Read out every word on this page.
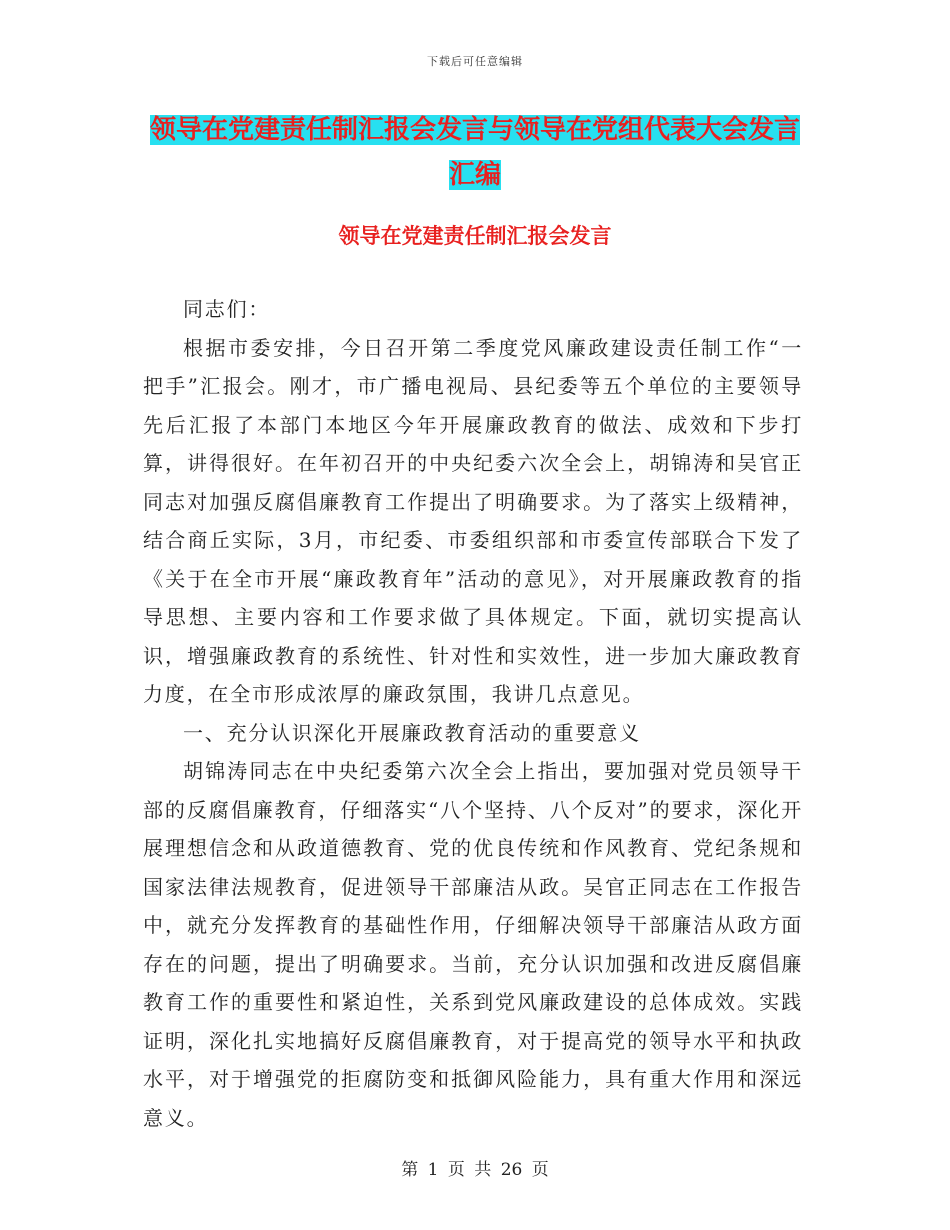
下载后可任意编辑
领导在党建责任制汇报会发言与领导在党组代表大会发言汇编
领导在党建责任制汇报会发言

同志们：

根据市委安排，今日召开第二季度党风廉政建设责任制工作“一把手”汇报会。刚才，市广播电视局、县纪委等五个单位的主要领导先后汇报了本部门本地区今年开展廉政教育的做法、成效和下步打算，讲得很好。在年初召开的中央纪委六次全会上，胡锦涛和吴官正同志对加强反腐倡廉教育工作提出了明确要求。为了落实上级精神，结合商丘实际，3月，市纪委、市委组织部和市委宣传部联合下发了《关于在全市开展“廉政教育年”活动的意见》，对开展廉政教育的指导思想、主要内容和工作要求做了具体规定。下面，就切实提高认识，增强廉政教育的系统性、针对性和实效性，进一步加大廉政教育力度，在全市形成浓厚的廉政氛围，我讲几点意见。

一、充分认识深化开展廉政教育活动的重要意义

胡锦涛同志在中央纪委第六次全会上指出，要加强对党员领导干部的反腐倡廉教育，仔细落实“八个坚持、八个反对”的要求，深化开展理想信念和从政道德教育、党的优良传统和作风教育、党纪条规和国家法律法规教育，促进领导干部廉洁从政。吴官正同志在工作报告中，就充分发挥教育的基础性作用，仔细解决领导干部廉洁从政方面存在的问题，提出了明确要求。当前，充分认识加强和改进反腐倡廉教育工作的重要性和紧迫性，关系到党风廉政建设的总体成效。实践证明，深化扎实地搞好反腐倡廉教育，对于提高党的领导水平和执政水平，对于增强党的拒腐防变和抵御风险能力，具有重大作用和深远意义。

第 1 页 共 26 页
